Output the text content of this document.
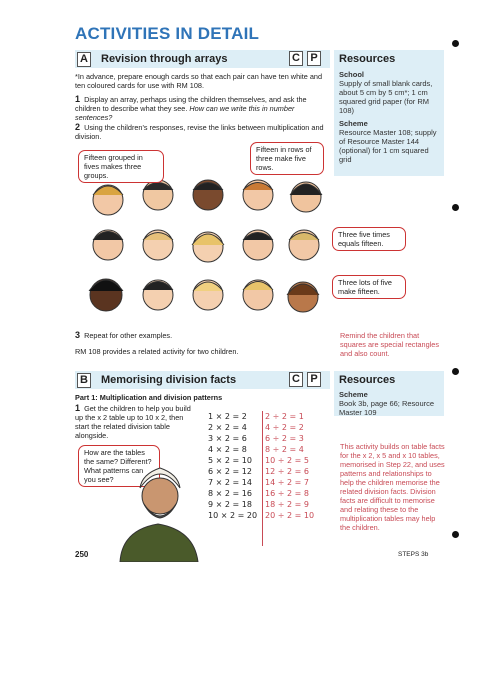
ACTIVITIES IN DETAIL
A Revision through arrays	C P	Resources
School
Supply of small blank cards, about 5 cm by 5 cm*; 1 cm squared grid paper (for RM 108)
Scheme
Resource Master 108; supply of Resource Master 144 (optional) for 1 cm squared grid
*In advance, prepare enough cards so that each pair can have ten white and ten coloured cards for use with RM 108.
1 Display an array, perhaps using the children themselves, and ask the children to describe what they see. How can we write this in number sentences?
2 Using the children's responses, revise the links between multiplication and division.
Fifteen grouped in fives makes three groups.
Fifteen in rows of three make five rows.
Three five times equals fifteen.
Three lots of five make fifteen.
3 Repeat for other examples.
RM 108 provides a related activity for two children.
Remind the children that squares are special rectangles and also count.
B Memorising division facts	C P	Resources
Scheme
Book 3b, page 66; Resource Master 109
Part 1: Multiplication and division patterns
1 Get the children to help you build up the x 2 table up to 10 x 2, then start the related division table alongside.
How are the tables the same? Different? What patterns can you see?
1 × 2 = 2
2 × 2 = 4
3 × 2 = 6
4 × 2 = 8
5 × 2 = 10
6 × 2 = 12
7 × 2 = 14
8 × 2 = 16
9 × 2 = 18
10 × 2 = 20
2 ÷ 2 = 1
4 ÷ 2 = 2
6 ÷ 2 = 3
8 ÷ 2 = 4
10 ÷ 2 = 5
12 ÷ 2 = 6
14 ÷ 2 = 7
16 ÷ 2 = 8
18 ÷ 2 = 9
20 ÷ 2 = 10
This activity builds on table facts for the x 2, x 5 and x 10 tables, memorised in Step 22, and uses patterns and relationships to help the children memorise the related division facts. Division facts are difficult to memorise and relating these to the multiplication tables may help the children.
250	STEPS 3b
